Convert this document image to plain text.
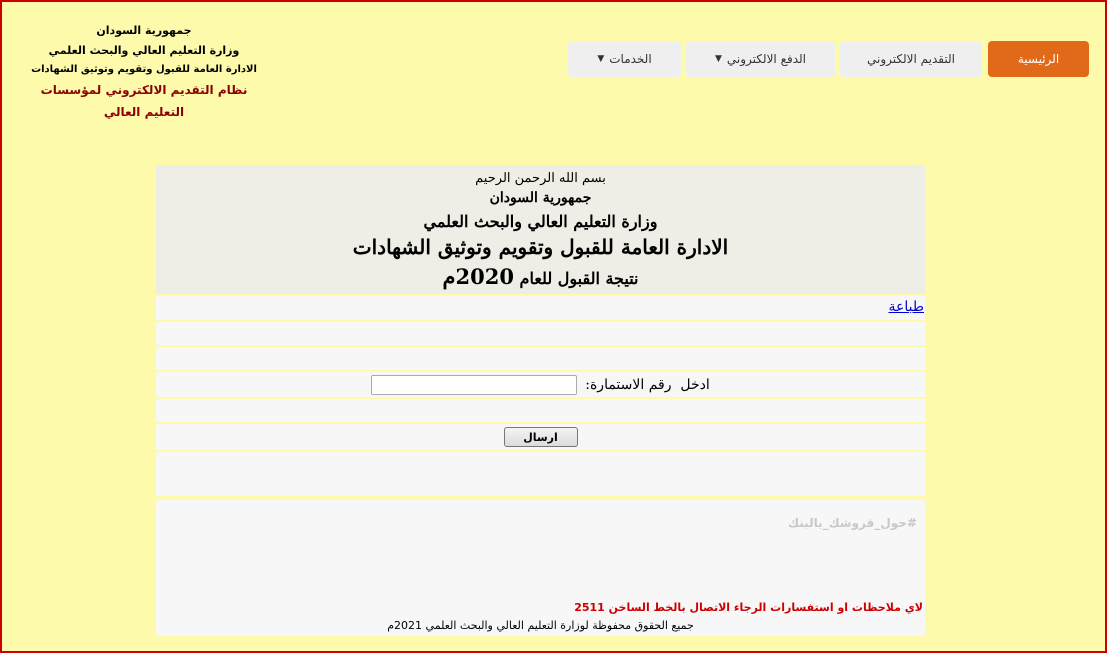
جمهورية السودان
وزارة التعليم العالي والبحث العلمي
الادارة العامة للقبول وتقويم وتوثيق الشهادات
نظام التقديم الالكتروني لمؤسسات التعليم العالي
الرئيسية
التقديم الالكتروني
الدفع الالكتروني
▼
الخدمات
▼
بسم الله الرحمن الرحيم
جمهورية السودان
وزارة التعليم العالي والبحث العلمي
الادارة العامة للقبول وتقويم وتوثيق الشهادات
نتيجة القبول للعام 2020م
طباعة
ادخل  رقم الاستمارة:
ارسال
#حول_قروشك_بالبنك
لاي ملاحظات او استفسارات الرجاء الاتصال بالخط الساخن 2511
جميع الحقوق محفوظة لوزارة التعليم العالي والبحث العلمي 2021م
